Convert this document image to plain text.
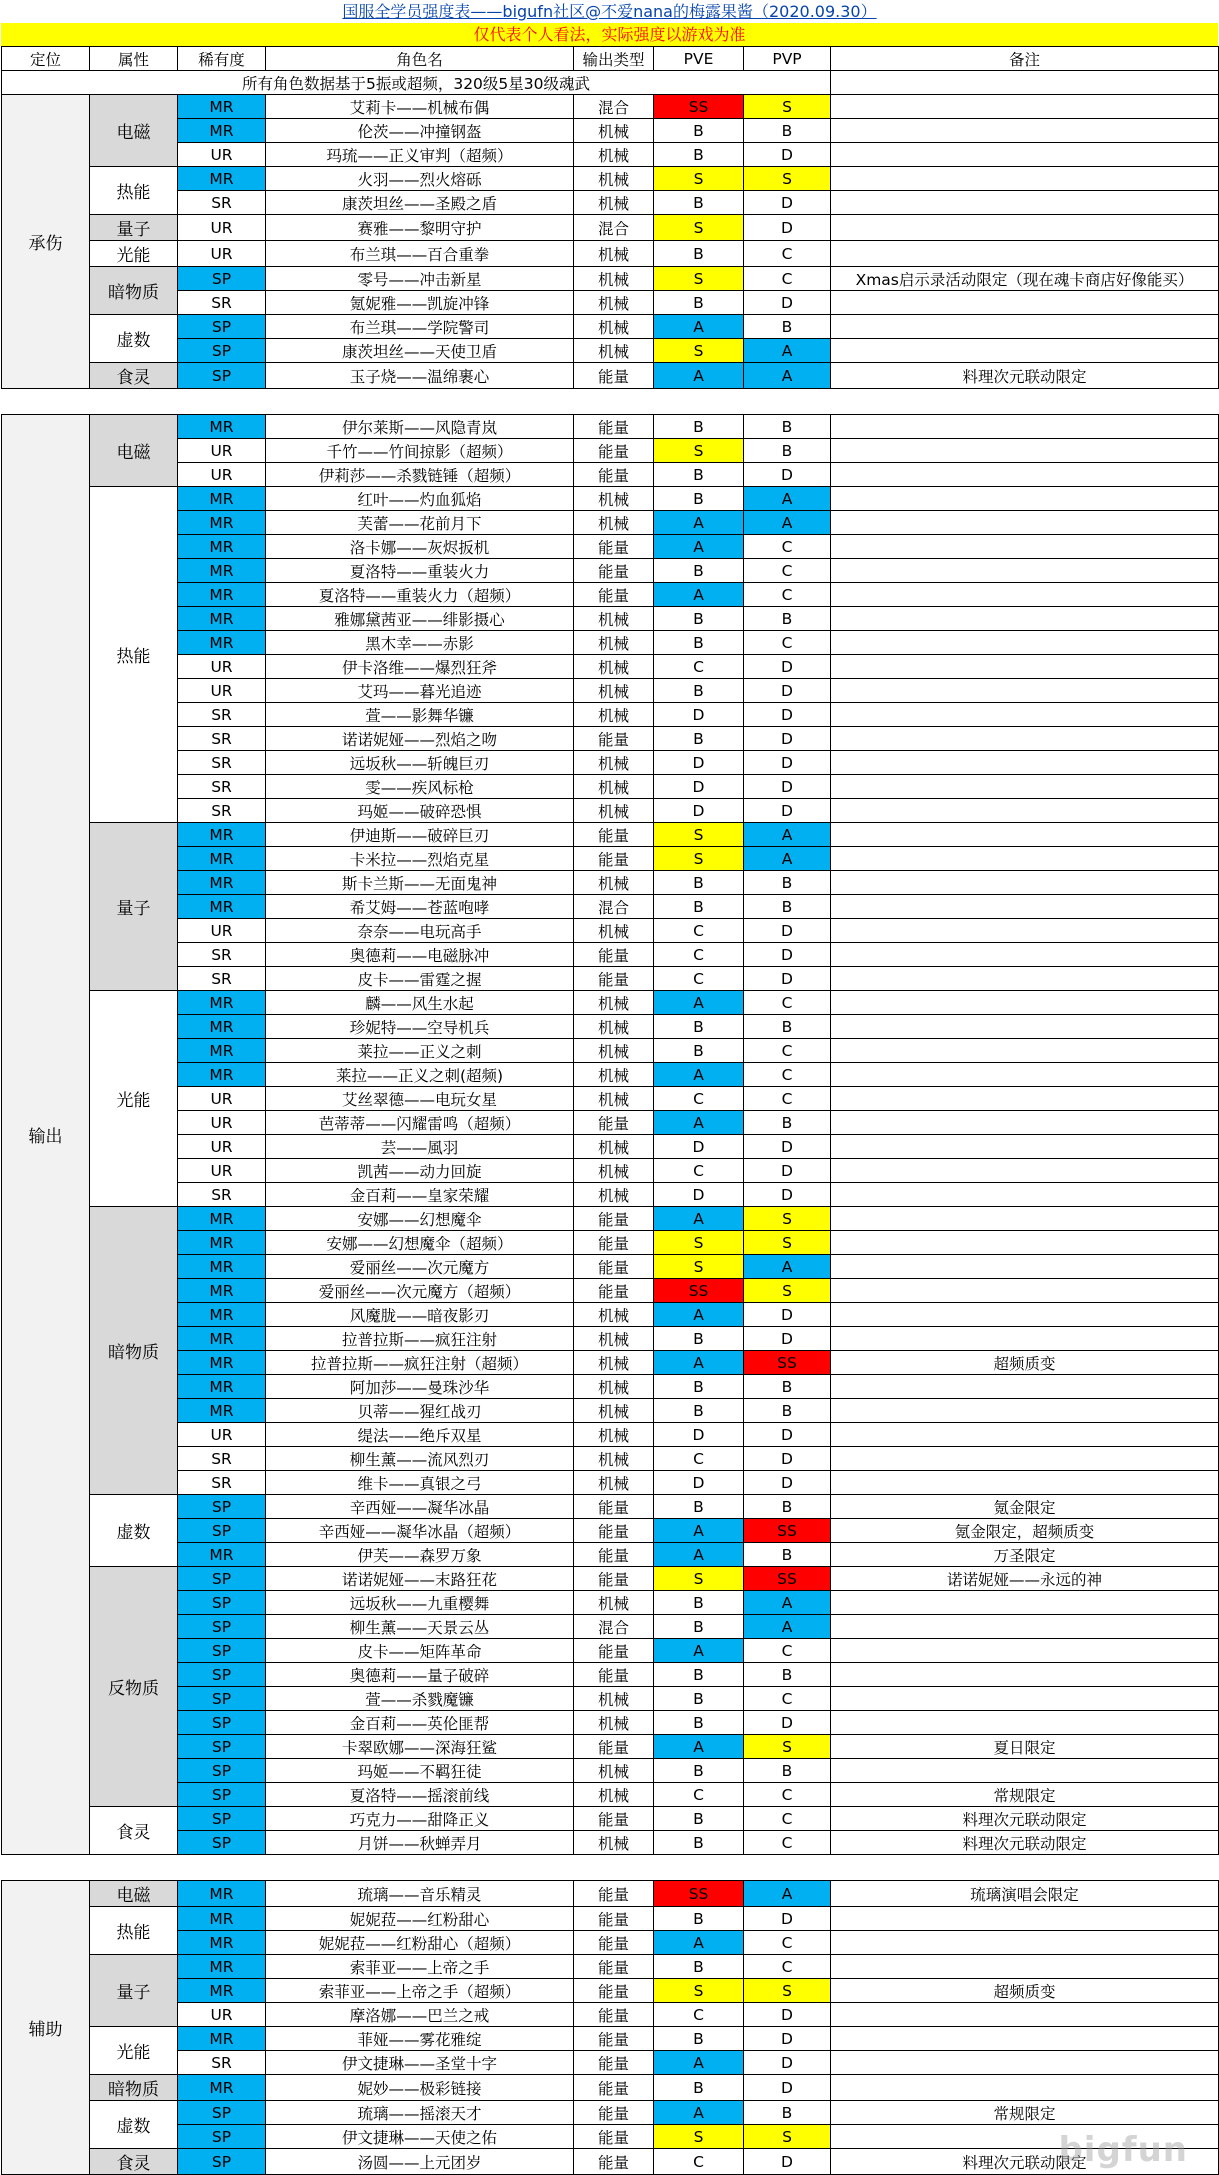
国服全学员强度表——bigufn社区@不爱nana的梅露果酱（2020.09.30）
仅代表个人看法，实际强度以游戏为准
定位	属性	稀有度	角色名	输出类型	PVE	PVP	备注
所有角色数据基于5振或超频，320级5星30级魂武							
承伤	电磁	MR	艾莉卡——机械布偶	混合	SS	S	
		MR	伦茨——冲撞钢盔	机械	B	B	
		UR	玛琉——正义审判（超频）	机械	B	D	
	热能	MR	火羽——烈火熔砾	机械	S	S	
		SR	康茨坦丝——圣殿之盾	机械	B	D	
	量子	UR	赛雅——黎明守护	混合	S	D	
	光能	UR	布兰琪——百合重拳	机械	B	C	
	暗物质	SP	零号——冲击新星	机械	S	C	Xmas启示录活动限定（现在魂卡商店好像能买）
		SR	氪妮雅——凯旋冲锋	机械	B	D	
	虚数	SP	布兰琪——学院警司	机械	A	B	
		SP	康茨坦丝——天使卫盾	机械	S	A	
	食灵	SP	玉子烧——温绵裹心	能量	A	A	料理次元联动限定

输出	电磁	MR	伊尔莱斯——风隐青岚	能量	B	B	
		UR	千竹——竹间掠影（超频）	能量	S	B	
		UR	伊莉莎——杀戮链锤（超频）	能量	B	D	
	热能	MR	红叶——灼血狐焰	机械	B	A	
		MR	芙蕾——花前月下	机械	A	A	
		MR	洛卡娜——灰烬扳机	能量	A	C	
		MR	夏洛特——重装火力	能量	B	C	
		MR	夏洛特——重装火力（超频）	能量	A	C	
		MR	雅娜黛茜亚——绯影摄心	机械	B	B	
		MR	黑木幸——赤影	机械	B	C	
		UR	伊卡洛维——爆烈狂斧	机械	C	D	
		UR	艾玛——暮光追迹	机械	B	D	
		SR	萱——影舞华镰	机械	D	D	
		SR	诺诺妮娅——烈焰之吻	能量	B	D	
		SR	远坂秋——斩魄巨刃	机械	D	D	
		SR	雯——疾风标枪	机械	D	D	
		SR	玛姬——破碎恐惧	机械	D	D	
	量子	MR	伊迪斯——破碎巨刃	能量	S	A	
		MR	卡米拉——烈焰克星	能量	S	A	
		MR	斯卡兰斯——无面鬼神	机械	B	B	
		MR	希艾姆——苍蓝咆哮	混合	B	B	
		UR	奈奈——电玩高手	机械	C	D	
		SR	奥德莉——电磁脉冲	能量	C	D	
		SR	皮卡——雷霆之握	能量	C	D	
	光能	MR	麟——风生水起	机械	A	C	
		MR	珍妮特——空导机兵	机械	B	B	
		MR	莱拉——正义之刺	机械	B	C	
		MR	莱拉——正义之刺(超频)	机械	A	C	
		UR	艾丝翠德——电玩女星	机械	C	C	
		UR	芭蒂蒂——闪耀雷鸣（超频）	能量	A	B	
		UR	芸——風羽	机械	D	D	
		UR	凯茜——动力回旋	机械	C	D	
		SR	金百莉——皇家荣耀	机械	D	D	
	暗物质	MR	安娜——幻想魔伞	能量	A	S	
		MR	安娜——幻想魔伞（超频）	能量	S	S	
		MR	爱丽丝——次元魔方	能量	S	A	
		MR	爱丽丝——次元魔方（超频）	能量	SS	S	
		MR	风魔胧——暗夜影刃	机械	A	D	
		MR	拉普拉斯——疯狂注射	机械	B	D	
		MR	拉普拉斯——疯狂注射（超频）	机械	A	SS	超频质变
		MR	阿加莎——曼珠沙华	机械	B	B	
		MR	贝蒂——猩红战刃	机械	B	B	
		UR	缇法——绝斥双星	机械	D	D	
		SR	柳生薰——流风烈刃	机械	C	D	
		SR	维卡——真银之弓	机械	D	D	
	虚数	SP	辛西娅——凝华冰晶	能量	B	B	氪金限定
		SP	辛西娅——凝华冰晶（超频）	能量	A	SS	氪金限定，超频质变
		MR	伊芙——森罗万象	能量	A	B	万圣限定
	反物质	SP	诺诺妮娅——末路狂花	能量	S	SS	诺诺妮娅——永远的神
		SP	远坂秋——九重樱舞	机械	B	A	
		SP	柳生薰——天景云丛	混合	B	A	
		SP	皮卡——矩阵革命	能量	A	C	
		SP	奥德莉——量子破碎	能量	B	B	
		SP	萱——杀戮魔镰	机械	B	C	
		SP	金百莉——英伦匪帮	机械	B	D	
		SP	卡翠欧娜——深海狂鲨	能量	A	S	夏日限定
		SP	玛姬——不羁狂徒	机械	B	B	
		SP	夏洛特——摇滚前线	机械	C	C	常规限定
	食灵	SP	巧克力——甜降正义	能量	B	C	料理次元联动限定
		SP	月饼——秋蝉弄月	机械	B	C	料理次元联动限定

辅助	电磁	MR	琉璃——音乐精灵	能量	SS	A	琉璃演唱会限定
	热能	MR	妮妮菈——红粉甜心	能量	B	D	
		MR	妮妮菈——红粉甜心（超频）	能量	A	C	
	量子	MR	索菲亚——上帝之手	能量	B	C	
		MR	索菲亚——上帝之手（超频）	能量	S	S	超频质变
		UR	摩洛娜——巴兰之戒	能量	C	D	
	光能	MR	菲娅——雾花雅绽	能量	B	D	
		SR	伊文捷琳——圣堂十字	能量	A	D	
	暗物质	MR	妮妙——极彩链接	能量	B	D	
	虚数	SP	琉璃——摇滚天才	能量	A	B	常规限定
		SP	伊文捷琳——天使之佑	能量	S	S	
	食灵	SP	汤圆——上元团岁	能量	C	D	料理次元联动限定
bigfun
